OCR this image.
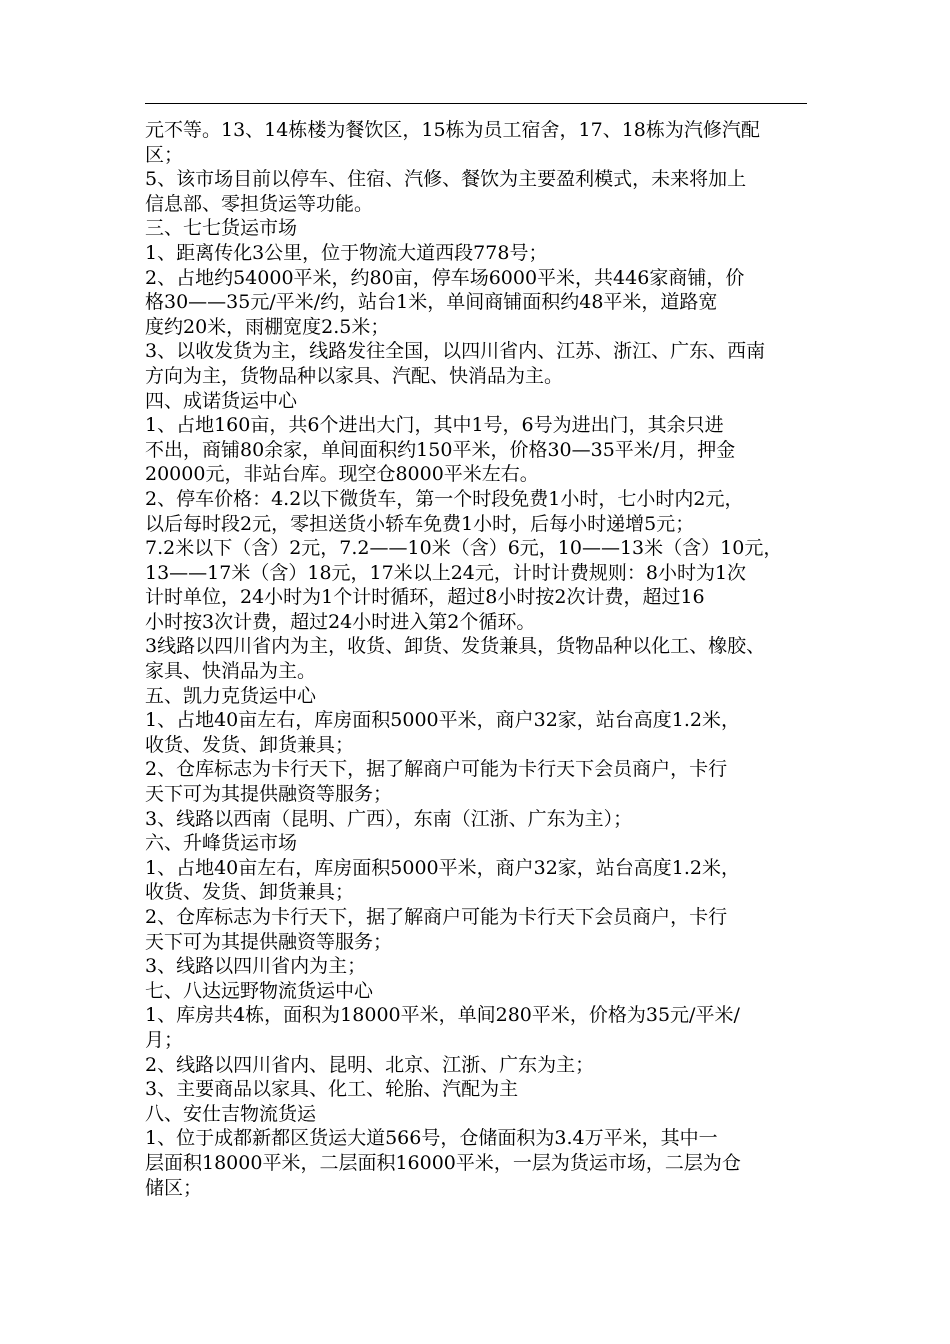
元不等。13、14栋楼为餐饮区，15栋为员工宿舍，17、18栋为汽修汽配
区；
5、该市场目前以停车、住宿、汽修、餐饮为主要盈利模式，未来将加上
信息部、零担货运等功能。
三、七七货运市场
1、距离传化3公里，位于物流大道西段778号；
2、占地约54000平米，约80亩，停车场6000平米，共446家商铺，价
格30——35元/平米/约，站台1米，单间商铺面积约48平米，道路宽
度约20米，雨棚宽度2.5米；
3、以收发货为主，线路发往全国，以四川省内、江苏、浙江、广东、西南
方向为主，货物品种以家具、汽配、快消品为主。
四、成诺货运中心
1、占地160亩，共6个进出大门，其中1号，6号为进出门，其余只进
不出，商铺80余家，单间面积约150平米，价格30—35平米/月，押金
20000元，非站台库。现空仓8000平米左右。
2、停车价格：4.2以下微货车，第一个时段免费1小时，七小时内2元，
以后每时段2元，零担送货小轿车免费1小时，后每小时递增5元；
7.2米以下（含）2元，7.2——10米（含）6元，10——13米（含）10元，
13——17米（含）18元，17米以上24元，计时计费规则：8小时为1次
计时单位，24小时为1个计时循环，超过8小时按2次计费，超过16
小时按3次计费，超过24小时进入第2个循环。
3线路以四川省内为主，收货、卸货、发货兼具，货物品种以化工、橡胶、
家具、快消品为主。
五、凯力克货运中心
1、占地40亩左右，库房面积5000平米，商户32家，站台高度1.2米，
收货、发货、卸货兼具；
2、仓库标志为卡行天下，据了解商户可能为卡行天下会员商户，卡行
天下可为其提供融资等服务；
3、线路以西南（昆明、广西），东南（江浙、广东为主）；
六、升峰货运市场
1、占地40亩左右，库房面积5000平米，商户32家，站台高度1.2米，
收货、发货、卸货兼具；
2、仓库标志为卡行天下，据了解商户可能为卡行天下会员商户，卡行
天下可为其提供融资等服务；
3、线路以四川省内为主；
七、八达远野物流货运中心
1、库房共4栋，面积为18000平米，单间280平米，价格为35元/平米/
月；
2、线路以四川省内、昆明、北京、江浙、广东为主；
3、主要商品以家具、化工、轮胎、汽配为主
八、安仕吉物流货运
1、位于成都新都区货运大道566号，仓储面积为3.4万平米，其中一
层面积18000平米，二层面积16000平米，一层为货运市场，二层为仓
储区；
